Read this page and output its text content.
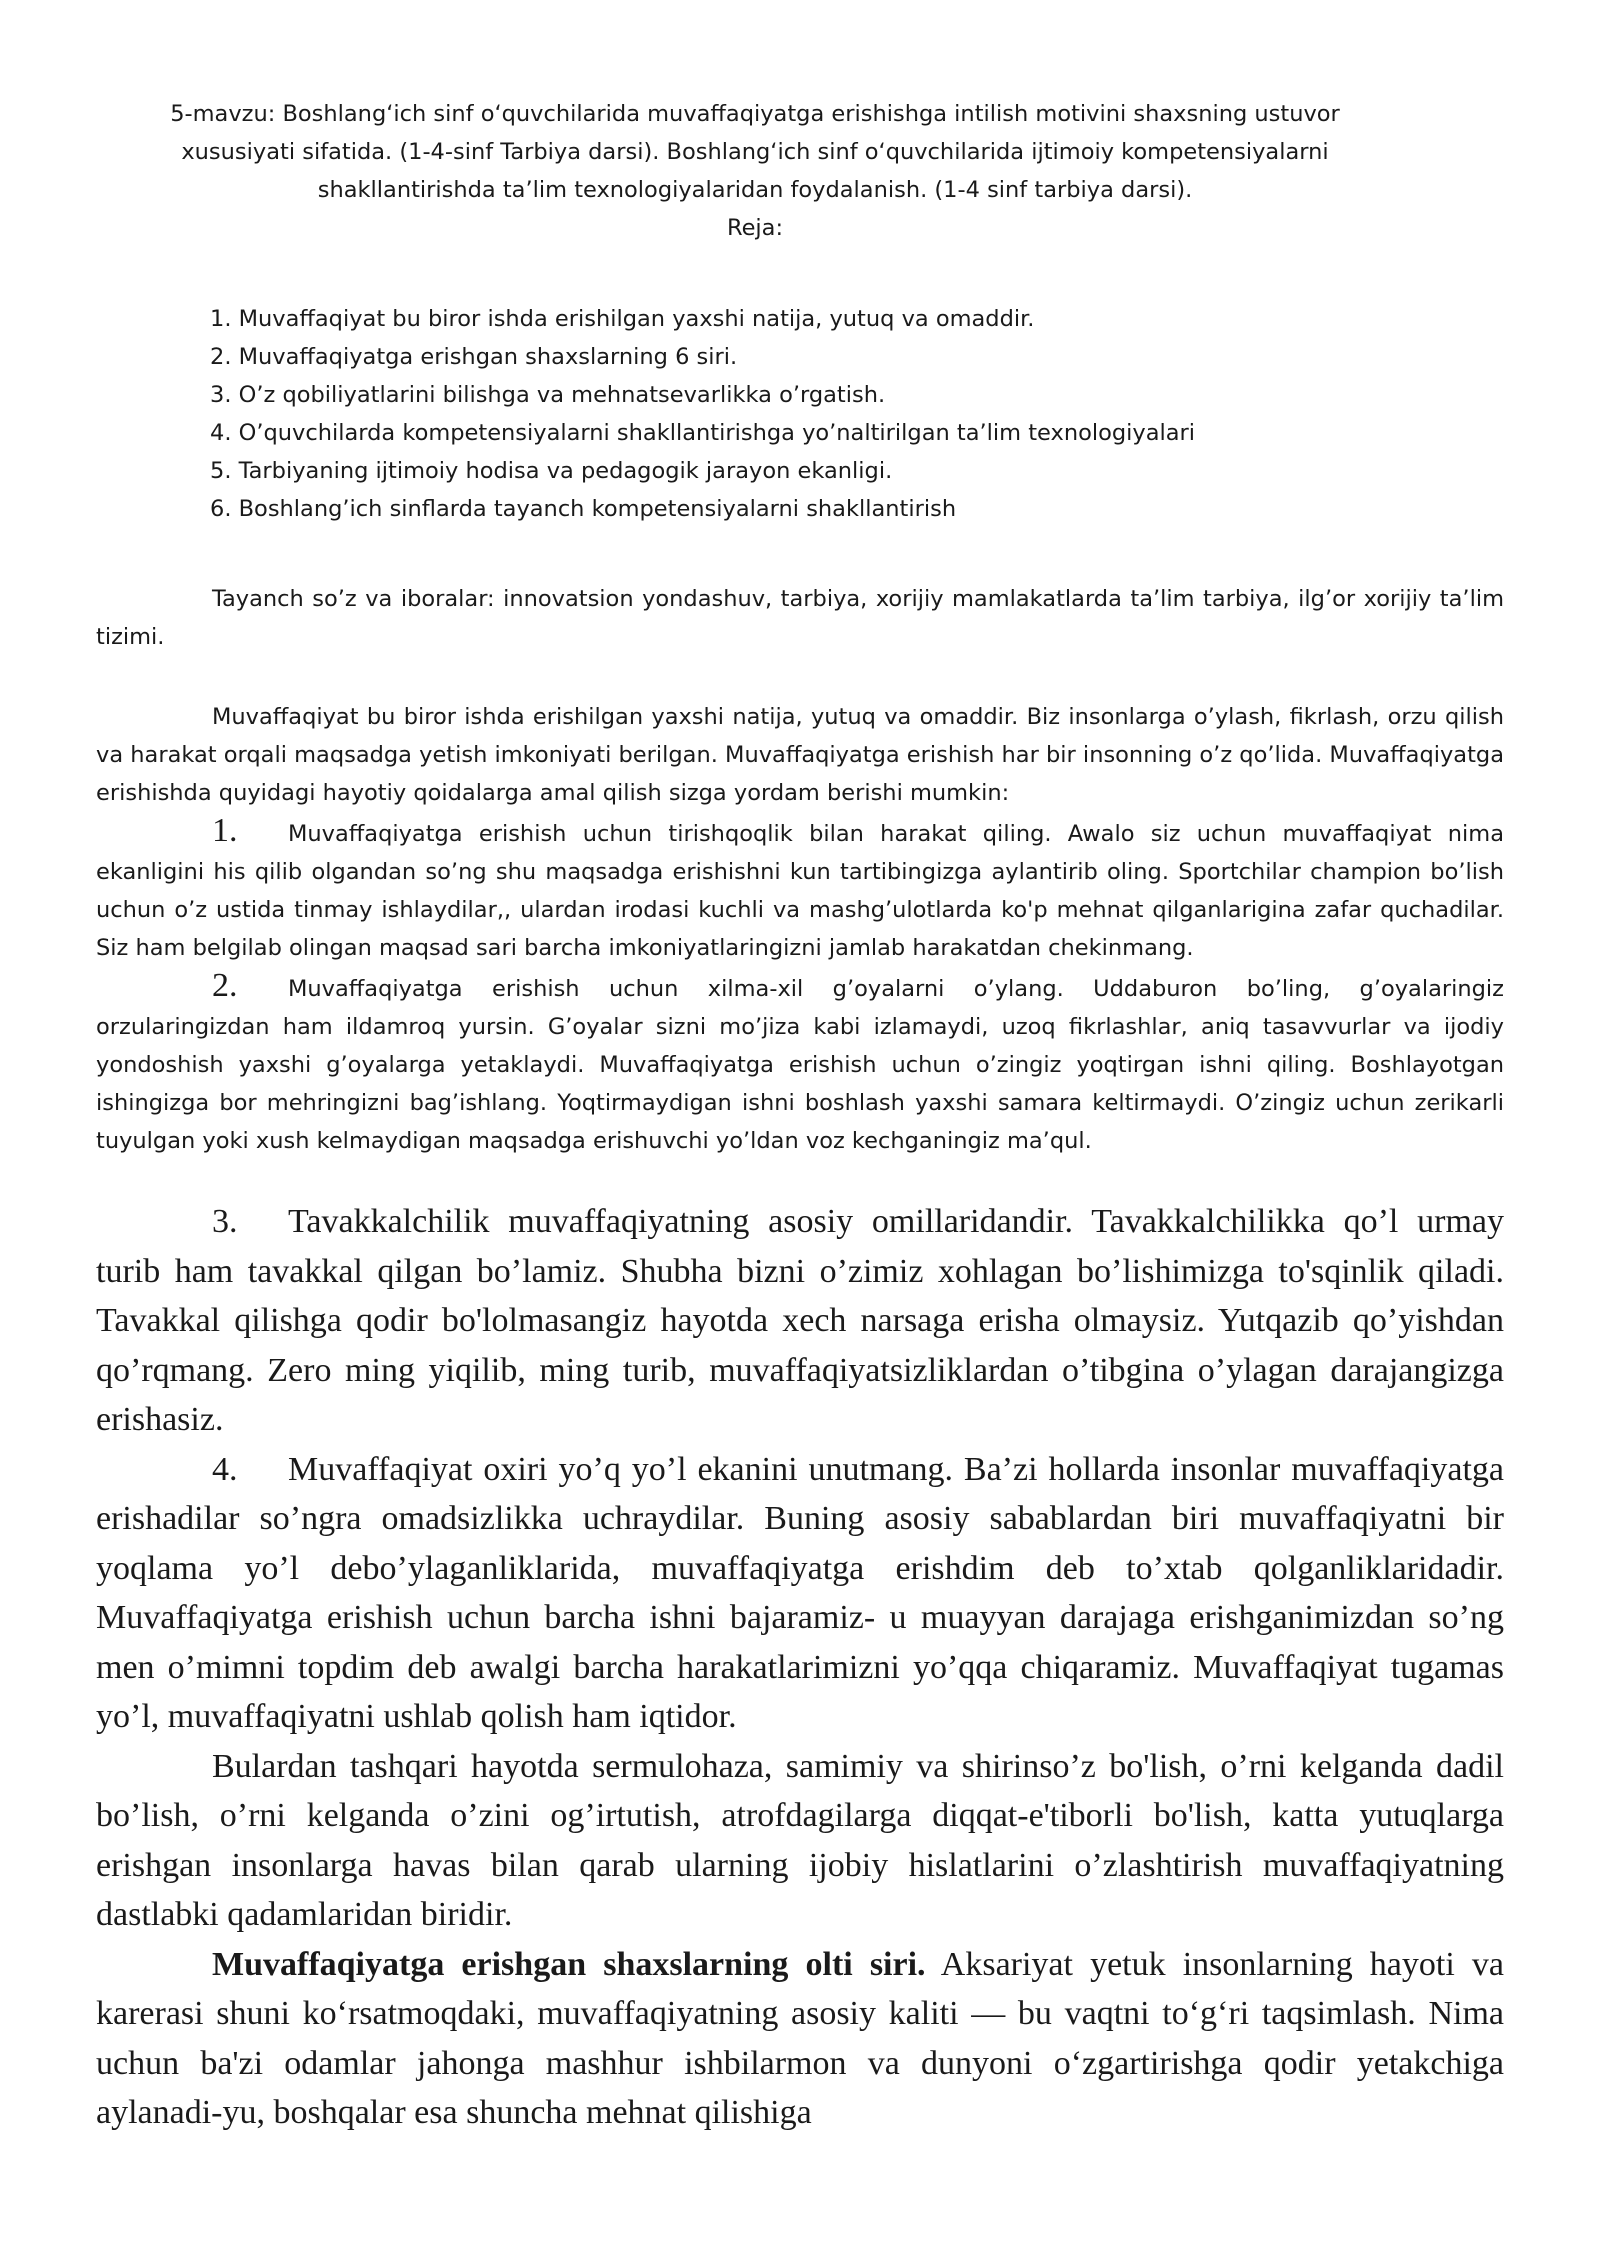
5-mavzu: Boshlang‘ich sinf o‘quvchilarida muvaffaqiyatga erishishga intilish motivini shaxsning ustuvor

xususiyati sifatida. (1-4-sinf Tarbiya darsi). Boshlang‘ich sinf o‘quvchilarida ijtimoiy kompetensiyalarni

shakllantirishda ta’lim texnologiyalaridan foydalanish. (1-4 sinf tarbiya darsi).

Reja:

1. Muvaffaqiyat bu biror ishda erishilgan yaxshi natija, yutuq va omaddir.
2. Muvaffaqiyatga erishgan shaxslarning 6 siri.
3. O’z qobiliyatlarini bilishga va mehnatsevarlikka o’rgatish.
4. O’quvchilarda kompetensiyalarni shakllantirishga yo’naltirilgan ta’lim texnologiyalari
5. Tarbiyaning ijtimoiy hodisa va pedagogik jarayon ekanligi.
6. Boshlang’ich sinflarda tayanch kompetensiyalarni shakllantirish

Tayanch so’z va iboralar: innovatsion yondashuv, tarbiya, xorijiy mamlakatlarda ta’lim tarbiya, ilg’or xorijiy ta’lim tizimi.

Muvaffaqiyat bu biror ishda erishilgan yaxshi natija, yutuq va omaddir. Biz insonlarga o’ylash, fikrlash, orzu qilish va harakat orqali maqsadga yetish imkoniyati berilgan. Muvaffaqiyatga erishish har bir insonning o’z qo’lida. Muvaffaqiyatga erishishda quyidagi hayotiy qoidalarga amal qilish sizga yordam berishi mumkin:

1. Muvaffaqiyatga erishish uchun tirishqoqlik bilan harakat qiling. Awalo siz uchun muvaffaqiyat nima ekanligini his qilib olgandan so’ng shu maqsadga erishishni kun tartibingizga aylantirib oling. Sportchilar champion bo’lish uchun o’z ustida tinmay ishlaydilar,, ulardan irodasi kuchli va mashg’ulotlarda ko'p mehnat qilganlarigina zafar quchadilar. Siz ham belgilab olingan maqsad sari barcha imkoniyatlaringizni jamlab harakatdan chekinmang.

2. Muvaffaqiyatga erishish uchun xilma-xil g’oyalarni o’ylang. Uddaburon bo’ling, g’oyalaringiz orzularingizdan ham ildamroq yursin. G’oyalar sizni mo’jiza kabi izlamaydi, uzoq fikrlashlar, aniq tasavvurlar va ijodiy yondoshish yaxshi g’oyalarga yetaklaydi. Muvaffaqiyatga erishish uchun o’zingiz yoqtirgan ishni qiling. Boshlayotgan ishingizga bor mehringizni bag’ishlang. Yoqtirmaydigan ishni boshlash yaxshi samara keltirmaydi. O’zingiz uchun zerikarli tuyulgan yoki xush kelmaydigan maqsadga erishuvchi yo’ldan voz kechganingiz ma’qul.

3. Tavakkalchilik muvaffaqiyatning asosiy omillaridandir. Tavakkalchilikka qo’l urmay turib ham tavakkal qilgan bo’lamiz. Shubha bizni o’zimiz xohlagan bo’lishimizga to'sqinlik qiladi. Tavakkal qilishga qodir bo'lolmasangiz hayotda xech narsaga erisha olmaysiz. Yutqazib qo’yishdan qo’rqmang. Zero ming yiqilib, ming turib, muvaffaqiyatsizliklardan o’tibgina o’ylagan darajangizga erishasiz.

4. Muvaffaqiyat oxiri yo’q yo’l ekanini unutmang. Ba’zi hollarda insonlar muvaffaqiyatga erishadilar so’ngra omadsizlikka uchraydilar. Buning asosiy sabablardan biri muvaffaqiyatni bir yoqlama yo’l debo’ylaganliklarida, muvaffaqiyatga erishdim deb to’xtab qolganliklaridadir. Muvaffaqiyatga erishish uchun barcha ishni bajaramiz- u muayyan darajaga erishganimizdan so’ng men o’mimni topdim deb awalgi barcha harakatlarimizni yo’qqa chiqaramiz. Muvaffaqiyat tugamas yo’l, muvaffaqiyatni ushlab qolish ham iqtidor.

Bulardan tashqari hayotda sermulohaza, samimiy va shirinso’z bo'lish, o’rni kelganda dadil bo’lish, o’rni kelganda o’zini og’irtutish, atrofdagilarga diqqat-e'tiborli bo'lish, katta yutuqlarga erishgan insonlarga havas bilan qarab ularning ijobiy hislatlarini o’zlashtirish muvaffaqiyatning dastlabki qadamlaridan biridir.

Muvaffaqiyatga erishgan shaxslarning olti siri. Aksariyat yetuk insonlarning hayoti va karerasi shuni ko‘rsatmoqdaki, muvaffaqiyatning asosiy kaliti — bu vaqtni to‘g‘ri taqsimlash. Nima uchun ba'zi odamlar jahonga mashhur ishbilarmon va dunyoni o‘zgartirishga qodir yetakchiga aylanadi-yu, boshqalar esa shuncha mehnat qilishiga
